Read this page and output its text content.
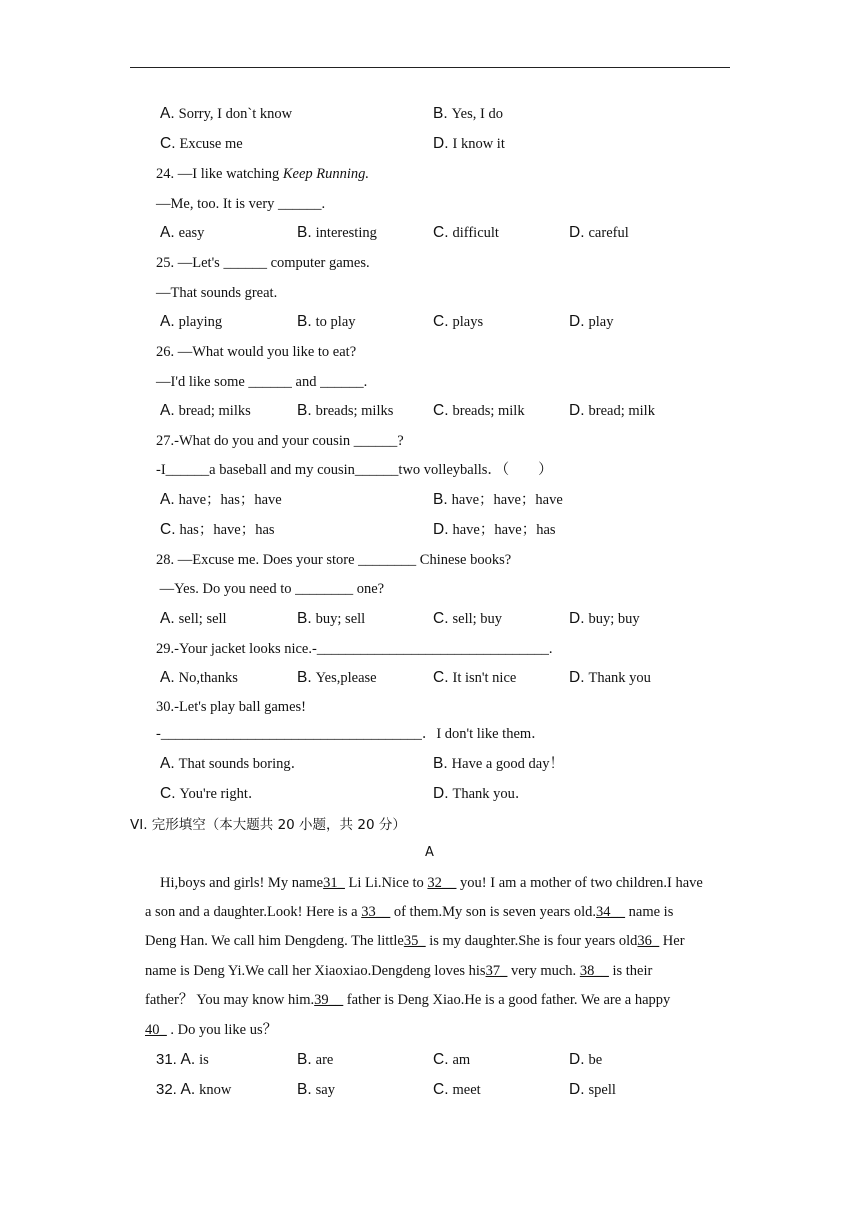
A. Sorry, I don`t know	B. Yes, I do
C. Excuse me	D. I know it
24. —I like watching Keep Running.
—Me, too. It is very ______.
A. easy	B. interesting	C. difficult	D. careful
25. —Let's ______ computer games.
—That sounds great.
A. playing	B. to play	C. plays	D. play
26. —What would you like to eat?
—I'd like some ______ and ______.
A. bread; milks	B. breads; milks	C. breads; milk	D. bread; milk
27.-What do you and your cousin ______?
-I______a baseball and my cousin______two volleyballs．（　　）
A. have；has；have	B. have；have；have
C. has；have；has	D. have；have；has
28. —Excuse me. Does your store ________ Chinese books?
—Yes. Do you need to ________ one?
A. sell; sell	B. buy; sell	C. sell; buy	D. buy; buy
29.-Your jacket looks nice.-________________________________.
A. No,thanks	B. Yes,please	C. It isn't nice	D. Thank you
30.-Let's play ball games!
-____________________________________．I don't like them．
A. That sounds boring．	B. Have a good day！
C. You're right．	D. Thank you．
VI. 完形填空（本大题共 20 小题，共 20 分）
A
Hi,boys and girls! My name31_ Li Li.Nice to 32__ you! I am a mother of two children.I have
a son and a daughter.Look! Here is a 33__ of them.My son is seven years old.34__ name is
Deng Han. We call him Dengdeng. The little35_ is my daughter.She is four years old36_ Her
name is Deng Yi.We call her Xiaoxiao.Dengdeng loves his37_ very much. 38__ is their
father？ You may know him.39__ father is Deng Xiao.He is a good father. We are a happy
40_ . Do you like us？
31. A. is	B. are	C. am	D. be
32. A. know	B. say	C. meet	D. spell
